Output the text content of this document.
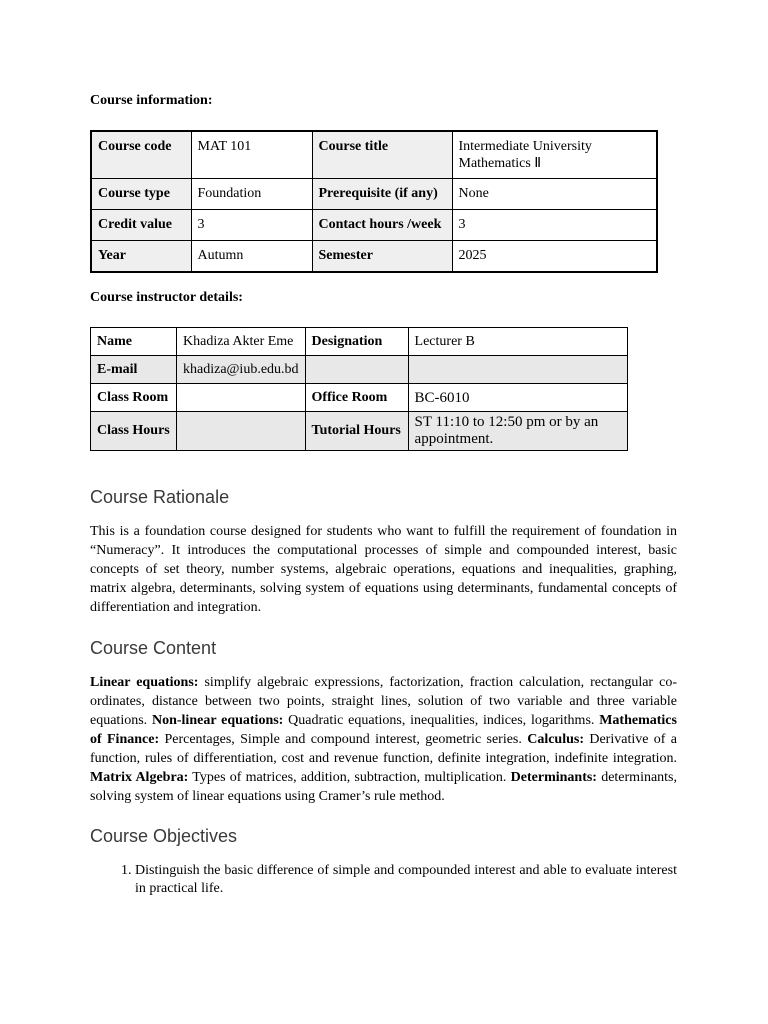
Course information:
Course code	MAT 101	Course title	Intermediate University Mathematics Ⅱ
Course type	Foundation	Prerequisite (if any)	None
Credit value	3	Contact hours /week	3
Year	Autumn	Semester	2025
Course instructor details:
Name	Khadiza Akter Eme	Designation	Lecturer B
E-mail	khadiza@iub.edu.bd		
Class Room		Office Room	BC-6010
Class Hours		Tutorial Hours	ST 11:10 to 12:50 pm or by an appointment.
Course Rationale
This is a foundation course designed for students who want to fulfill the requirement of foundation in “Numeracy”. It introduces the computational processes of simple and compounded interest, basic concepts of set theory, number systems, algebraic operations, equations and inequalities, graphing, matrix algebra, determinants, solving system of equations using determinants, fundamental concepts of differentiation and integration.
Course Content
Linear equations: simplify algebraic expressions, factorization, fraction calculation, rectangular co-ordinates, distance between two points, straight lines, solution of two variable and three variable equations. Non-linear equations: Quadratic equations, inequalities, indices, logarithms. Mathematics of Finance: Percentages, Simple and compound interest, geometric series. Calculus: Derivative of a function, rules of differentiation, cost and revenue function, definite integration, indefinite integration. Matrix Algebra: Types of matrices, addition, subtraction, multiplication. Determinants: determinants, solving system of linear equations using Cramer’s rule method.
Course Objectives
1. Distinguish the basic difference of simple and compounded interest and able to evaluate interest in practical life.
